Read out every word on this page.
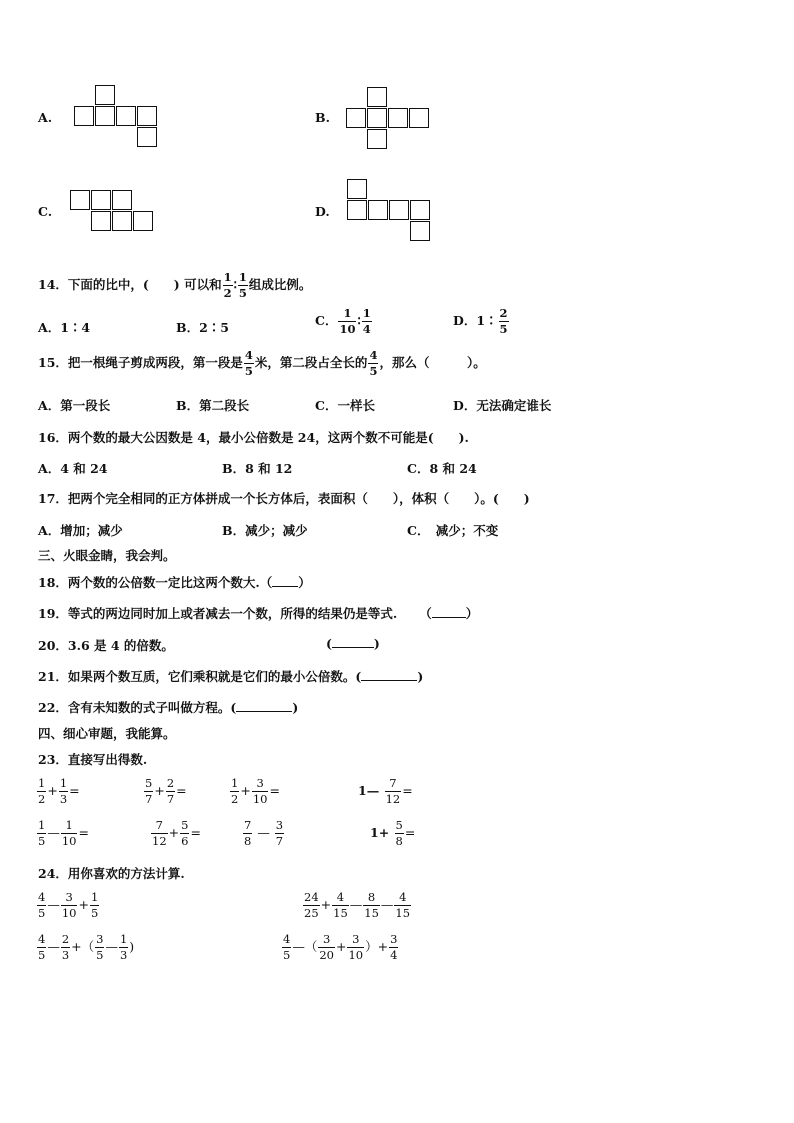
A.	B.
C.	D.
14．下面的比中，(　　) 可以和 $\frac{1}{2}$ ∶ $\frac{1}{5}$ 组成比例。
A．1∶4	B．2∶5	C． $\frac{1}{10}$ ∶ $\frac{1}{4}$	D．1∶ $\frac{2}{5}$
15．把一根绳子剪成两段，第一段是 $\frac{4}{5}$ 米，第二段占全长的 $\frac{4}{5}$ ，那么（　　　）。
A．第一段长	B．第二段长	C．一样长	D．无法确定谁长
16．两个数的最大公因数是 4，最小公倍数是 24，这两个数不可能是(　　).
A．4 和 24	B．8 和 12	C．8 和 24
17．把两个完全相同的正方体拼成一个长方体后，表面积（　　），体积（　　）。(　　)
A．增加；减少	B．减少；减少	C．　减少；不变
三、火眼金睛，我会判。
18．两个数的公倍数一定比这两个数大.（ ）
19．等式的两边同时加上或者减去一个数，所得的结果仍是等式. （	）
20．3.6 是 4 的倍数。	(	)
21．如果两个数互质，它们乘积就是它们的最小公倍数。(	)
22．含有未知数的式子叫做方程。(	)
四、细心审题，我能算。
23．直接写出得数.
$\frac{1}{2} + \frac{1}{3}$ =	$\frac{5}{7} + \frac{2}{7}$ =	$\frac{1}{2} + \frac{3}{10}$ =	1— $\frac{7}{12}$ =
$\frac{1}{5}$ — $\frac{1}{10}$ =	$\frac{7}{12} + \frac{5}{6}$ =	$\frac{7}{8}$ — $\frac{3}{7}$	$1+ \frac{5}{8}$ =
24．用你喜欢的方法计算.
$\frac{4}{5}$ — $\frac{3}{10} + \frac{1}{5}$	$\frac{24}{25} + \frac{4}{15}$ — $\frac{8}{15}$ — $\frac{4}{15}$
$\frac{4}{5}$ — $\frac{2}{3}$ +（ $\frac{3}{5}$ — $\frac{1}{3}$ )	$\frac{4}{5}$ —（ $\frac{3}{20} + \frac{3}{10}$ ）+ $\frac{3}{4}$
